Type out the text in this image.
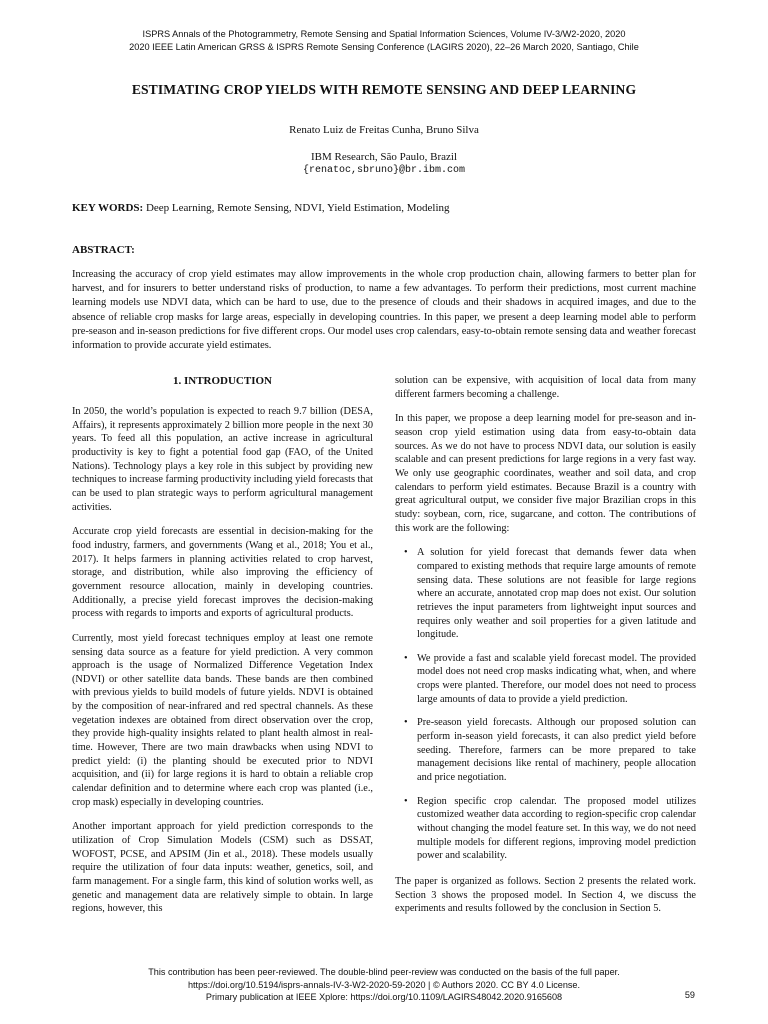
ISPRS Annals of the Photogrammetry, Remote Sensing and Spatial Information Sciences, Volume IV-3/W2-2020, 2020
2020 IEEE Latin American GRSS & ISPRS Remote Sensing Conference (LAGIRS 2020), 22–26 March 2020, Santiago, Chile
ESTIMATING CROP YIELDS WITH REMOTE SENSING AND DEEP LEARNING
Renato Luiz de Freitas Cunha, Bruno Silva
IBM Research, São Paulo, Brazil
{renatoc,sbruno}@br.ibm.com
KEY WORDS: Deep Learning, Remote Sensing, NDVI, Yield Estimation, Modeling
ABSTRACT:

Increasing the accuracy of crop yield estimates may allow improvements in the whole crop production chain, allowing farmers to better plan for harvest, and for insurers to better understand risks of production, to name a few advantages. To perform their predictions, most current machine learning models use NDVI data, which can be hard to use, due to the presence of clouds and their shadows in acquired images, and due to the absence of reliable crop masks for large areas, especially in developing countries. In this paper, we present a deep learning model able to perform pre-season and in-season predictions for five different crops. Our model uses crop calendars, easy-to-obtain remote sensing data and weather forecast information to provide accurate yield estimates.

1. INTRODUCTION

In 2050, the world’s population is expected to reach 9.7 billion (DESA, Affairs), it represents approximately 2 billion more people in the next 30 years. To feed all this population, an active increase in agricultural productivity is key to fight a potential food gap (FAO, of the United Nations). Technology plays a key role in this subject by providing new techniques to increase farming productivity including yield forecasts that can be used to plan strategic ways to perform agricultural management activities.

Accurate crop yield forecasts are essential in decision-making for the food industry, farmers, and governments (Wang et al., 2018; You et al., 2017). It helps farmers in planning activities related to crop harvest, storage, and distribution, while also improving the efficiency of government resource allocation, mainly in developing countries. Additionally, a precise yield forecast improves the decision-making process with regards to imports and exports of agricultural products.

Currently, most yield forecast techniques employ at least one remote sensing data source as a feature for yield prediction. A very common approach is the usage of Normalized Difference Vegetation Index (NDVI) or other satellite data bands. These bands are then combined with previous yields to build models of future yields. NDVI is obtained by the composition of near-infrared and red spectral channels. As these vegetation indexes are obtained from direct observation over the crop, they provide high-quality insights related to plant health almost in real-time. However, There are two main drawbacks when using NDVI to predict yield: (i) the planting should be executed prior to NDVI acquisition, and (ii) for large regions it is hard to obtain a reliable crop calendar definition and to determine where each crop was planted (i.e., crop mask) especially in developing countries.

Another important approach for yield prediction corresponds to the utilization of Crop Simulation Models (CSM) such as DSSAT, WOFOST, PCSE, and APSIM (Jin et al., 2018). These models usually require the utilization of four data inputs: weather, genetics, soil, and farm management. For a single farm, this kind of solution works well, as genetic and management data are relatively simple to obtain. In large regions, however, this

solution can be expensive, with acquisition of local data from many different farmers becoming a challenge.

In this paper, we propose a deep learning model for pre-season and in-season crop yield estimation using data from easy-to-obtain data sources. As we do not have to process NDVI data, our solution is easily scalable and can present predictions for large regions in a very fast way. We only use geographic coordinates, weather and soil data, and crop calendars to perform yield estimates. Because Brazil is a country with great agricultural output, we consider five major Brazilian crops in this study: soybean, corn, rice, sugarcane, and cotton. The contributions of this work are the following:

• A solution for yield forecast that demands fewer data when compared to existing methods that require large amounts of remote sensing data. These solutions are not feasible for large regions where an accurate, annotated crop map does not exist. Our solution retrieves the input parameters from lightweight input sources and requires only weather and soil properties for a given latitude and longitude.
• We provide a fast and scalable yield forecast model. The provided model does not need crop masks indicating what, when, and where crops were planted. Therefore, our model does not need to process large amounts of data to provide a yield prediction.
• Pre-season yield forecasts. Although our proposed solution can perform in-season yield forecasts, it can also predict yield before seeding. Therefore, farmers can be more prepared to take management decisions like rental of machinery, people allocation and price negotiation.
• Region specific crop calendar. The proposed model utilizes customized weather data according to region-specific crop calendar without changing the model feature set. In this way, we do not need multiple models for different regions, improving model prediction power and scalability.

The paper is organized as follows. Section 2 presents the related work. Section 3 shows the proposed model. In Section 4, we discuss the experiments and results followed by the conclusion in Section 5.

This contribution has been peer-reviewed. The double-blind peer-review was conducted on the basis of the full paper.
https://doi.org/10.5194/isprs-annals-IV-3-W2-2020-59-2020 | © Authors 2020. CC BY 4.0 License.
Primary publication at IEEE Xplore: https://doi.org/10.1109/LAGIRS48042.2020.9165608	59
